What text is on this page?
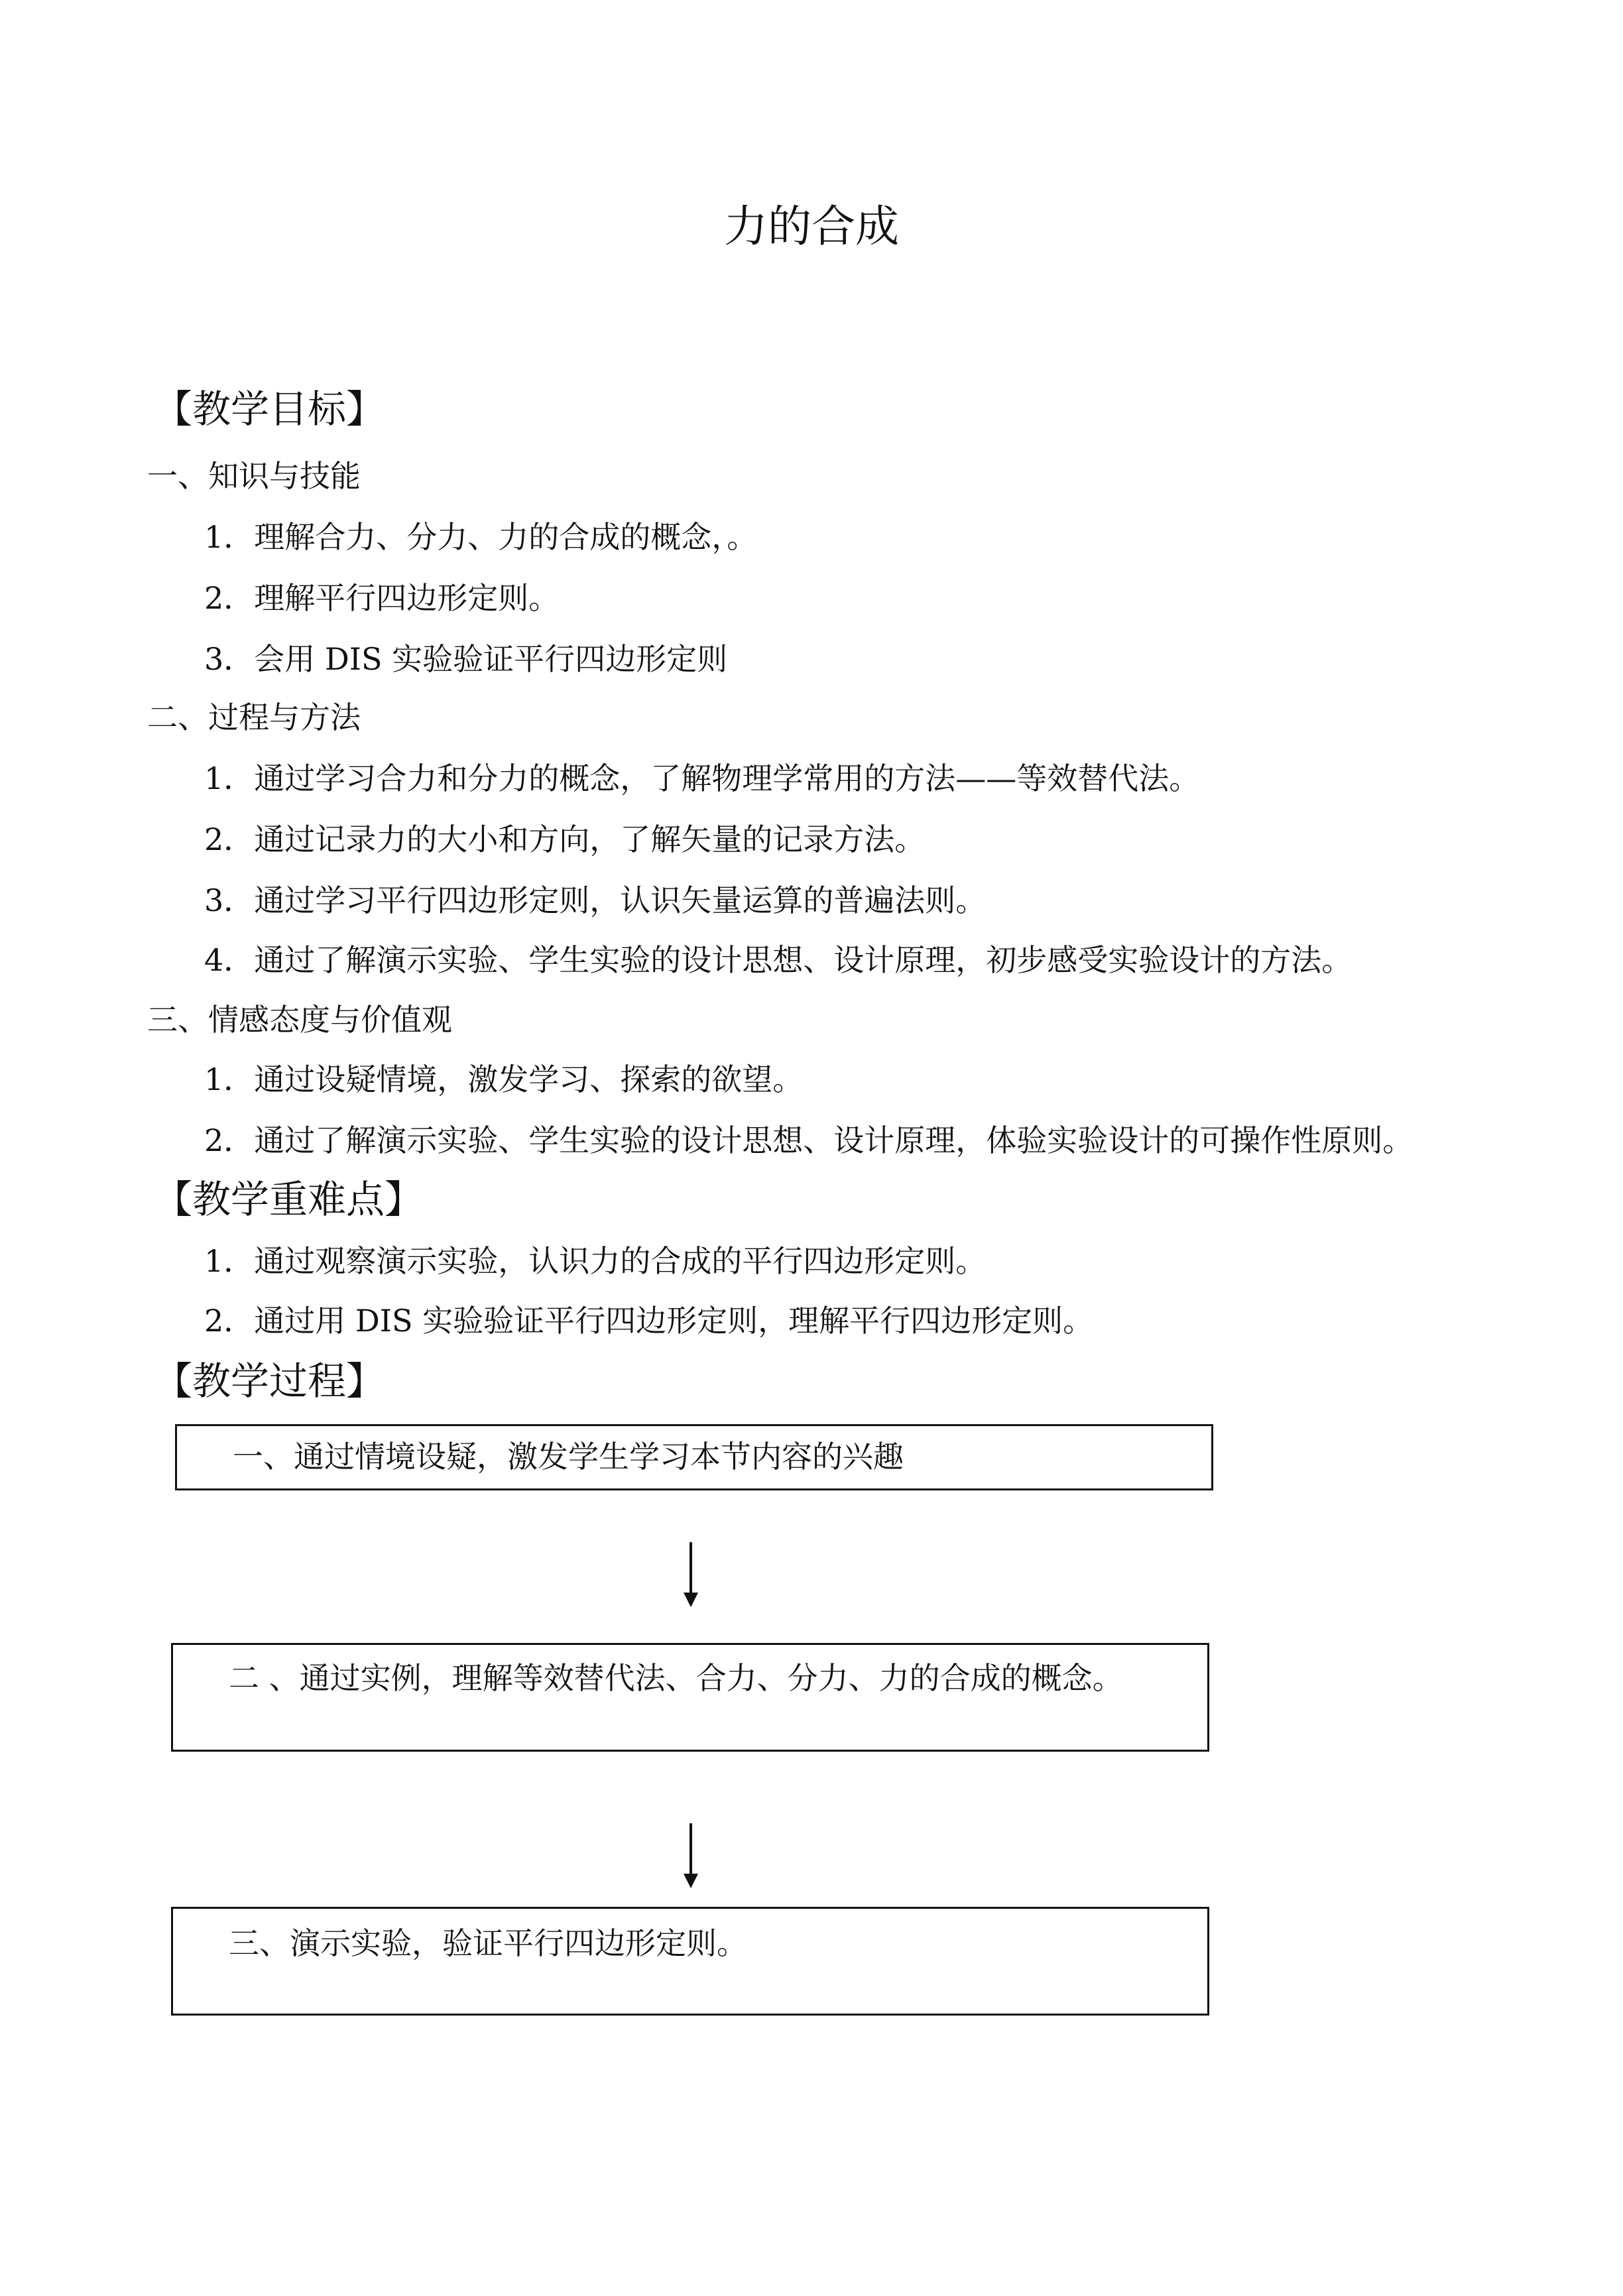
力的合成
【教学目标】
一、知识与技能
1．理解合力、分力、力的合成的概念，。
2．理解平行四边形定则。
3．会用 DIS 实验验证平行四边形定则
二、过程与方法
1．通过学习合力和分力的概念，了解物理学常用的方法——等效替代法。
2．通过记录力的大小和方向，了解矢量的记录方法。
3．通过学习平行四边形定则，认识矢量运算的普遍法则。
4．通过了解演示实验、学生实验的设计思想、设计原理，初步感受实验设计的方法。
三、情感态度与价值观
1．通过设疑情境，激发学习、探索的欲望。
2．通过了解演示实验、学生实验的设计思想、设计原理，体验实验设计的可操作性原则。
【教学重难点】
1．通过观察演示实验，认识力的合成的平行四边形定则。
2．通过用 DIS 实验验证平行四边形定则，理解平行四边形定则。
【教学过程】
一、通过情境设疑，激发学生学习本节内容的兴趣
二 、通过实例，理解等效替代法、合力、分力、力的合成的概念。
三、演示实验，验证平行四边形定则。
